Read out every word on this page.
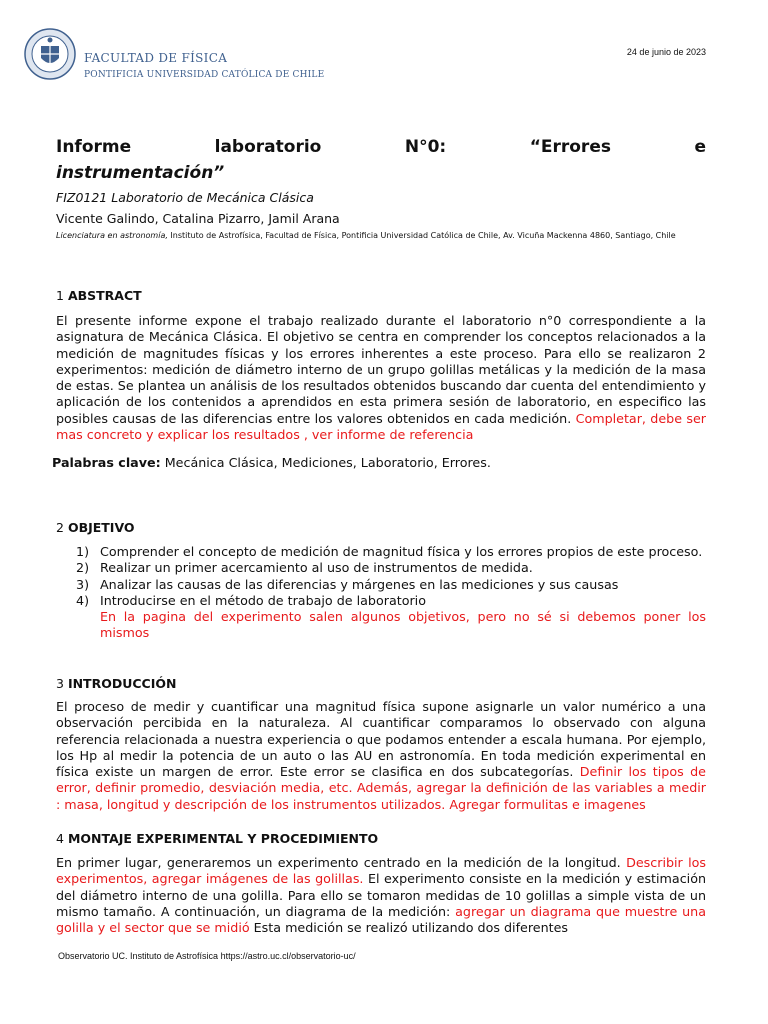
FACULTAD DE FÍSICA
PONTIFICIA UNIVERSIDAD CATÓLICA DE CHILE
24 de junio de 2023
Informe laboratorio N°0: “Errores e
instrumentación”
FIZ0121 Laboratorio de Mecánica Clásica
Vicente Galindo, Catalina Pizarro, Jamil Arana
Licenciatura en astronomía, Instituto de Astrofísica, Facultad de Física, Pontificia Universidad Católica de Chile, Av. Vicuña Mackenna 4860, Santiago, Chile
1 ABSTRACT
El presente informe expone el trabajo realizado durante el laboratorio n°0 correspondiente a la asignatura de Mecánica Clásica. El objetivo se centra en comprender los conceptos relacionados a la medición de magnitudes físicas y los errores inherentes a este proceso. Para ello se realizaron 2 experimentos: medición de diámetro interno de un grupo golillas metálicas y la medición de la masa de estas. Se plantea un análisis de los resultados obtenidos buscando dar cuenta del entendimiento y aplicación de los contenidos a aprendidos en esta primera sesión de laboratorio, en especifico las posibles causas de las diferencias entre los valores obtenidos en cada medición. Completar, debe ser mas concreto y explicar los resultados , ver informe de referencia
Palabras clave: Mecánica Clásica, Mediciones, Laboratorio, Errores.
2 OBJETIVO
1) Comprender el concepto de medición de magnitud física y los errores propios de este proceso.
2) Realizar un primer acercamiento al uso de instrumentos de medida.
3) Analizar las causas de las diferencias y márgenes en las mediciones y sus causas
4) Introducirse en el método de trabajo de laboratorio
En la pagina del experimento salen algunos objetivos, pero no sé si debemos poner los mismos
3 INTRODUCCIÓN
El proceso de medir y cuantificar una magnitud física supone asignarle un valor numérico a una observación percibida en la naturaleza. Al cuantificar comparamos lo observado con alguna referencia relacionada a nuestra experiencia o que podamos entender a escala humana. Por ejemplo, los Hp al medir la potencia de un auto o las AU en astronomía. En toda medición experimental en física existe un margen de error. Este error se clasifica en dos subcategorías. Definir los tipos de error, definir promedio, desviación media, etc. Además, agregar la definición de las variables a medir : masa, longitud y descripción de los instrumentos utilizados. Agregar formulitas e imagenes
4 MONTAJE EXPERIMENTAL Y PROCEDIMIENTO
En primer lugar, generaremos un experimento centrado en la medición de la longitud. Describir los experimentos, agregar imágenes de las golillas. El experimento consiste en la medición y estimación del diámetro interno de una golilla. Para ello se tomaron medidas de 10 golillas a simple vista de un mismo tamaño. A continuación, un diagrama de la medición: agregar un diagrama que muestre una golilla y el sector que se midió Esta medición se realizó utilizando dos diferentes
Observatorio UC. Instituto de Astrofísica https://astro.uc.cl/observatorio-uc/
